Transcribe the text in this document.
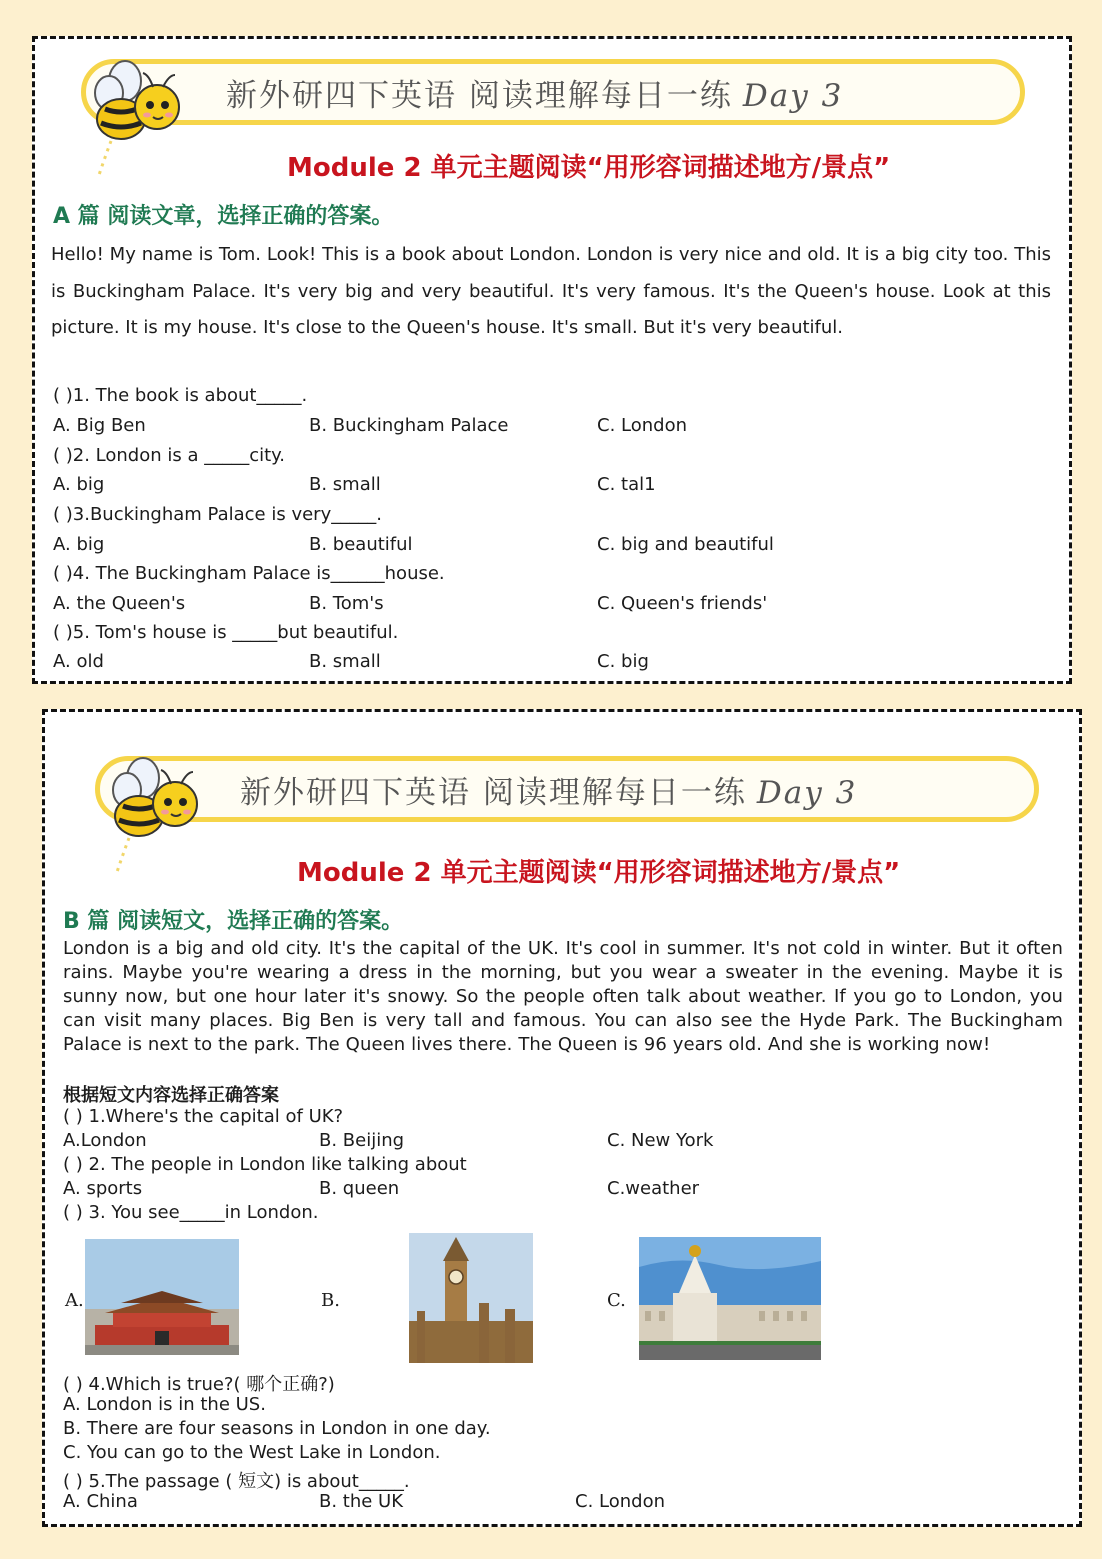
新外研四下英语 阅读理解每日一练 Day 3
Module 2 单元主题阅读“用形容词描述地方/景点”
A 篇 阅读文章，选择正确的答案。
Hello! My name is Tom. Look! This is a book about London. London is very nice and old. It is a big city too. This is Buckingham Palace. It's very big and very beautiful. It's very famous. It's the Queen's house. Look at this picture. It is my house. It's close to the Queen's house. It's small. But it's very beautiful.
( )1. The book is about_____.
A. Big Ben	B. Buckingham Palace	C. London
( )2. London is a _____city.
A. big	B. small	C. tal1
( )3.Buckingham Palace is very_____.
A. big	B. beautiful	C. big and beautiful
( )4. The Buckingham Palace is______house.
A. the Queen's	B. Tom's	C. Queen's friends'
( )5. Tom's house is _____but beautiful.
A. old	B. small	C. big
新外研四下英语 阅读理解每日一练 Day 3
Module 2 单元主题阅读“用形容词描述地方/景点”
B 篇 阅读短文，选择正确的答案。
London is a big and old city. It's the capital of the UK. It's cool in summer. It's not cold in winter. But it often rains. Maybe you're wearing a dress in the morning, but you wear a sweater in the evening. Maybe it is sunny now, but one hour later it's snowy. So the people often talk about weather. If you go to London, you can visit many places. Big Ben is very tall and famous. You can also see the Hyde Park. The Buckingham Palace is next to the park. The Queen lives there. The Queen is 96 years old. And she is working now!
根据短文内容选择正确答案
( ) 1.Where's the capital of UK?
A.London	B. Beijing	C. New York
( ) 2. The people in London like talking about
A. sports	B. queen	C.weather
( ) 3. You see_____in London.
A.	B.	C.
( ) 4.Which is true?( 哪个正确?)
A. London is in the US.
B. There are four seasons in London in one day.
C. You can go to the West Lake in London.
( ) 5.The passage ( 短文) is about_____.
A. China	B. the UK	C. London
